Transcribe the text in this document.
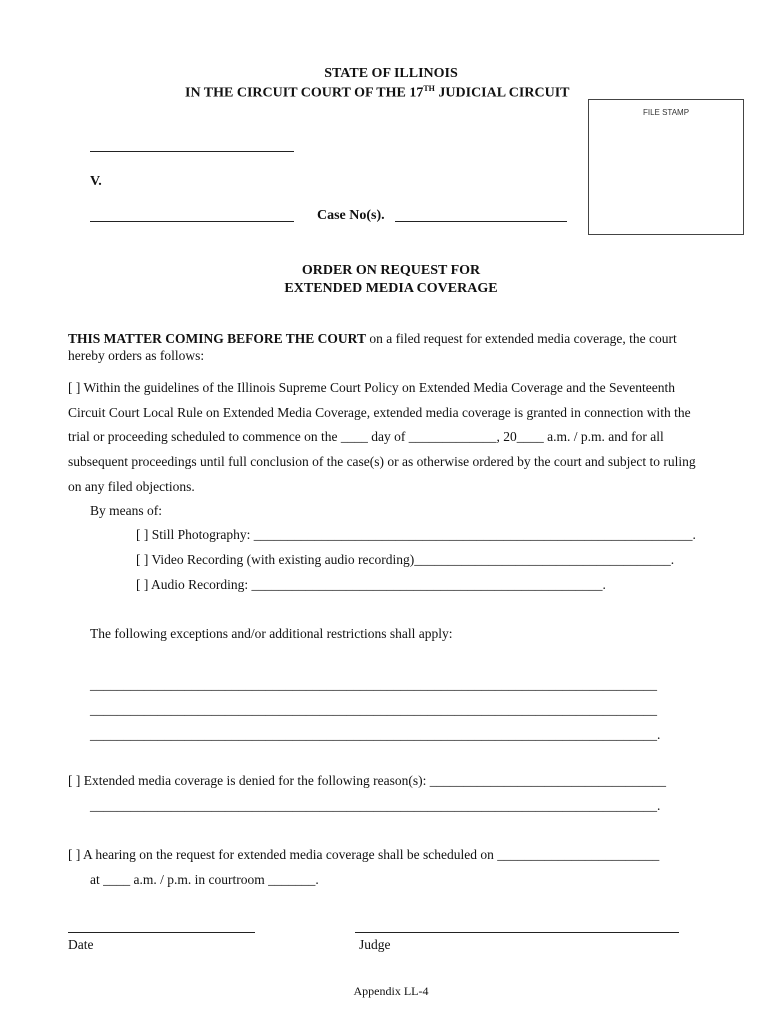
STATE OF ILLINOIS
IN THE CIRCUIT COURT OF THE 17TH JUDICIAL CIRCUIT
FILE STAMP
V.
Case No(s).
ORDER ON REQUEST FOR
EXTENDED MEDIA COVERAGE
THIS MATTER COMING BEFORE THE COURT on a filed request for extended media coverage, the court
hereby orders as follows:
[ ] Within the guidelines of the Illinois Supreme Court Policy on Extended Media Coverage and the Seventeenth
Circuit Court Local Rule on Extended Media Coverage, extended media coverage is granted in connection with the
trial or proceeding scheduled to commence on the ____ day of _____________, 20____ a.m. / p.m. and for all
subsequent proceedings until full conclusion of the case(s) or as otherwise ordered by the court and subject to ruling
on any filed objections.
By means of:
[ ] Still Photography: _________________________________________________________________.
[ ] Video Recording (with existing audio recording)______________________________________.
[ ] Audio Recording: ____________________________________________________.
The following exceptions and/or additional restrictions shall apply:
____________________________________________________________________________________
____________________________________________________________________________________
____________________________________________________________________________________.
[ ] Extended media coverage is denied for the following reason(s): ___________________________________
____________________________________________________________________________________.
[ ] A hearing on the request for extended media coverage shall be scheduled on ________________________
at ____ a.m. / p.m. in courtroom _______.
Date	Judge
Appendix LL-4
